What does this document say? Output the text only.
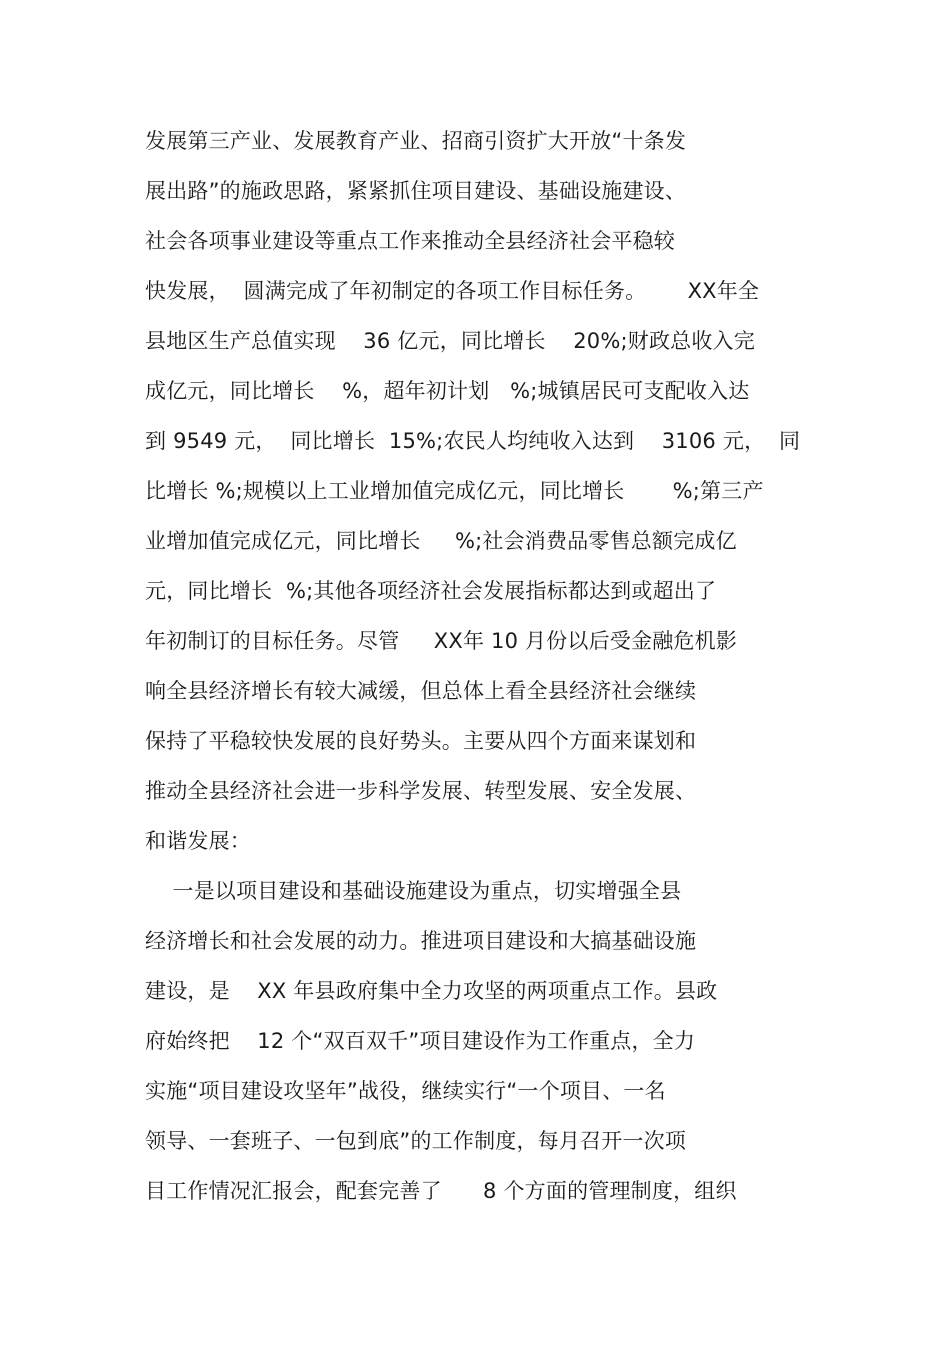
发展第三产业、发展教育产业、招商引资扩大开放“十条发
展出路”的施政思路，紧紧抓住项目建设、基础设施建设、
社会各项事业建设等重点工作来推动全县经济社会平稳较
快发展，  圆满完成了年初制定的各项工作目标任务。      XX年全
县地区生产总值实现    36 亿元，同比增长    20%;财政总收入完
成亿元，同比增长    %，超年初计划   %;城镇居民可支配收入达
到 9549 元，  同比增长  15%;农民人均纯收入达到    3106 元，  同
比增长 %;规模以上工业增加值完成亿元，同比增长       %;第三产
业增加值完成亿元，同比增长     %;社会消费品零售总额完成亿
元，同比增长  %;其他各项经济社会发展指标都达到或超出了
年初制订的目标任务。尽管     XX年 10 月份以后受金融危机影
响全县经济增长有较大减缓，但总体上看全县经济社会继续
保持了平稳较快发展的良好势头。主要从四个方面来谋划和
推动全县经济社会进一步科学发展、转型发展、安全发展、
和谐发展：
一是以项目建设和基础设施建设为重点，切实增强全县
经济增长和社会发展的动力。推进项目建设和大搞基础设施
建设，是    XX 年县政府集中全力攻坚的两项重点工作。县政
府始终把    12 个“双百双千”项目建设作为工作重点，全力
实施“项目建设攻坚年”战役，继续实行“一个项目、一名
领导、一套班子、一包到底”的工作制度，每月召开一次项
目工作情况汇报会，配套完善了      8 个方面的管理制度，组织
